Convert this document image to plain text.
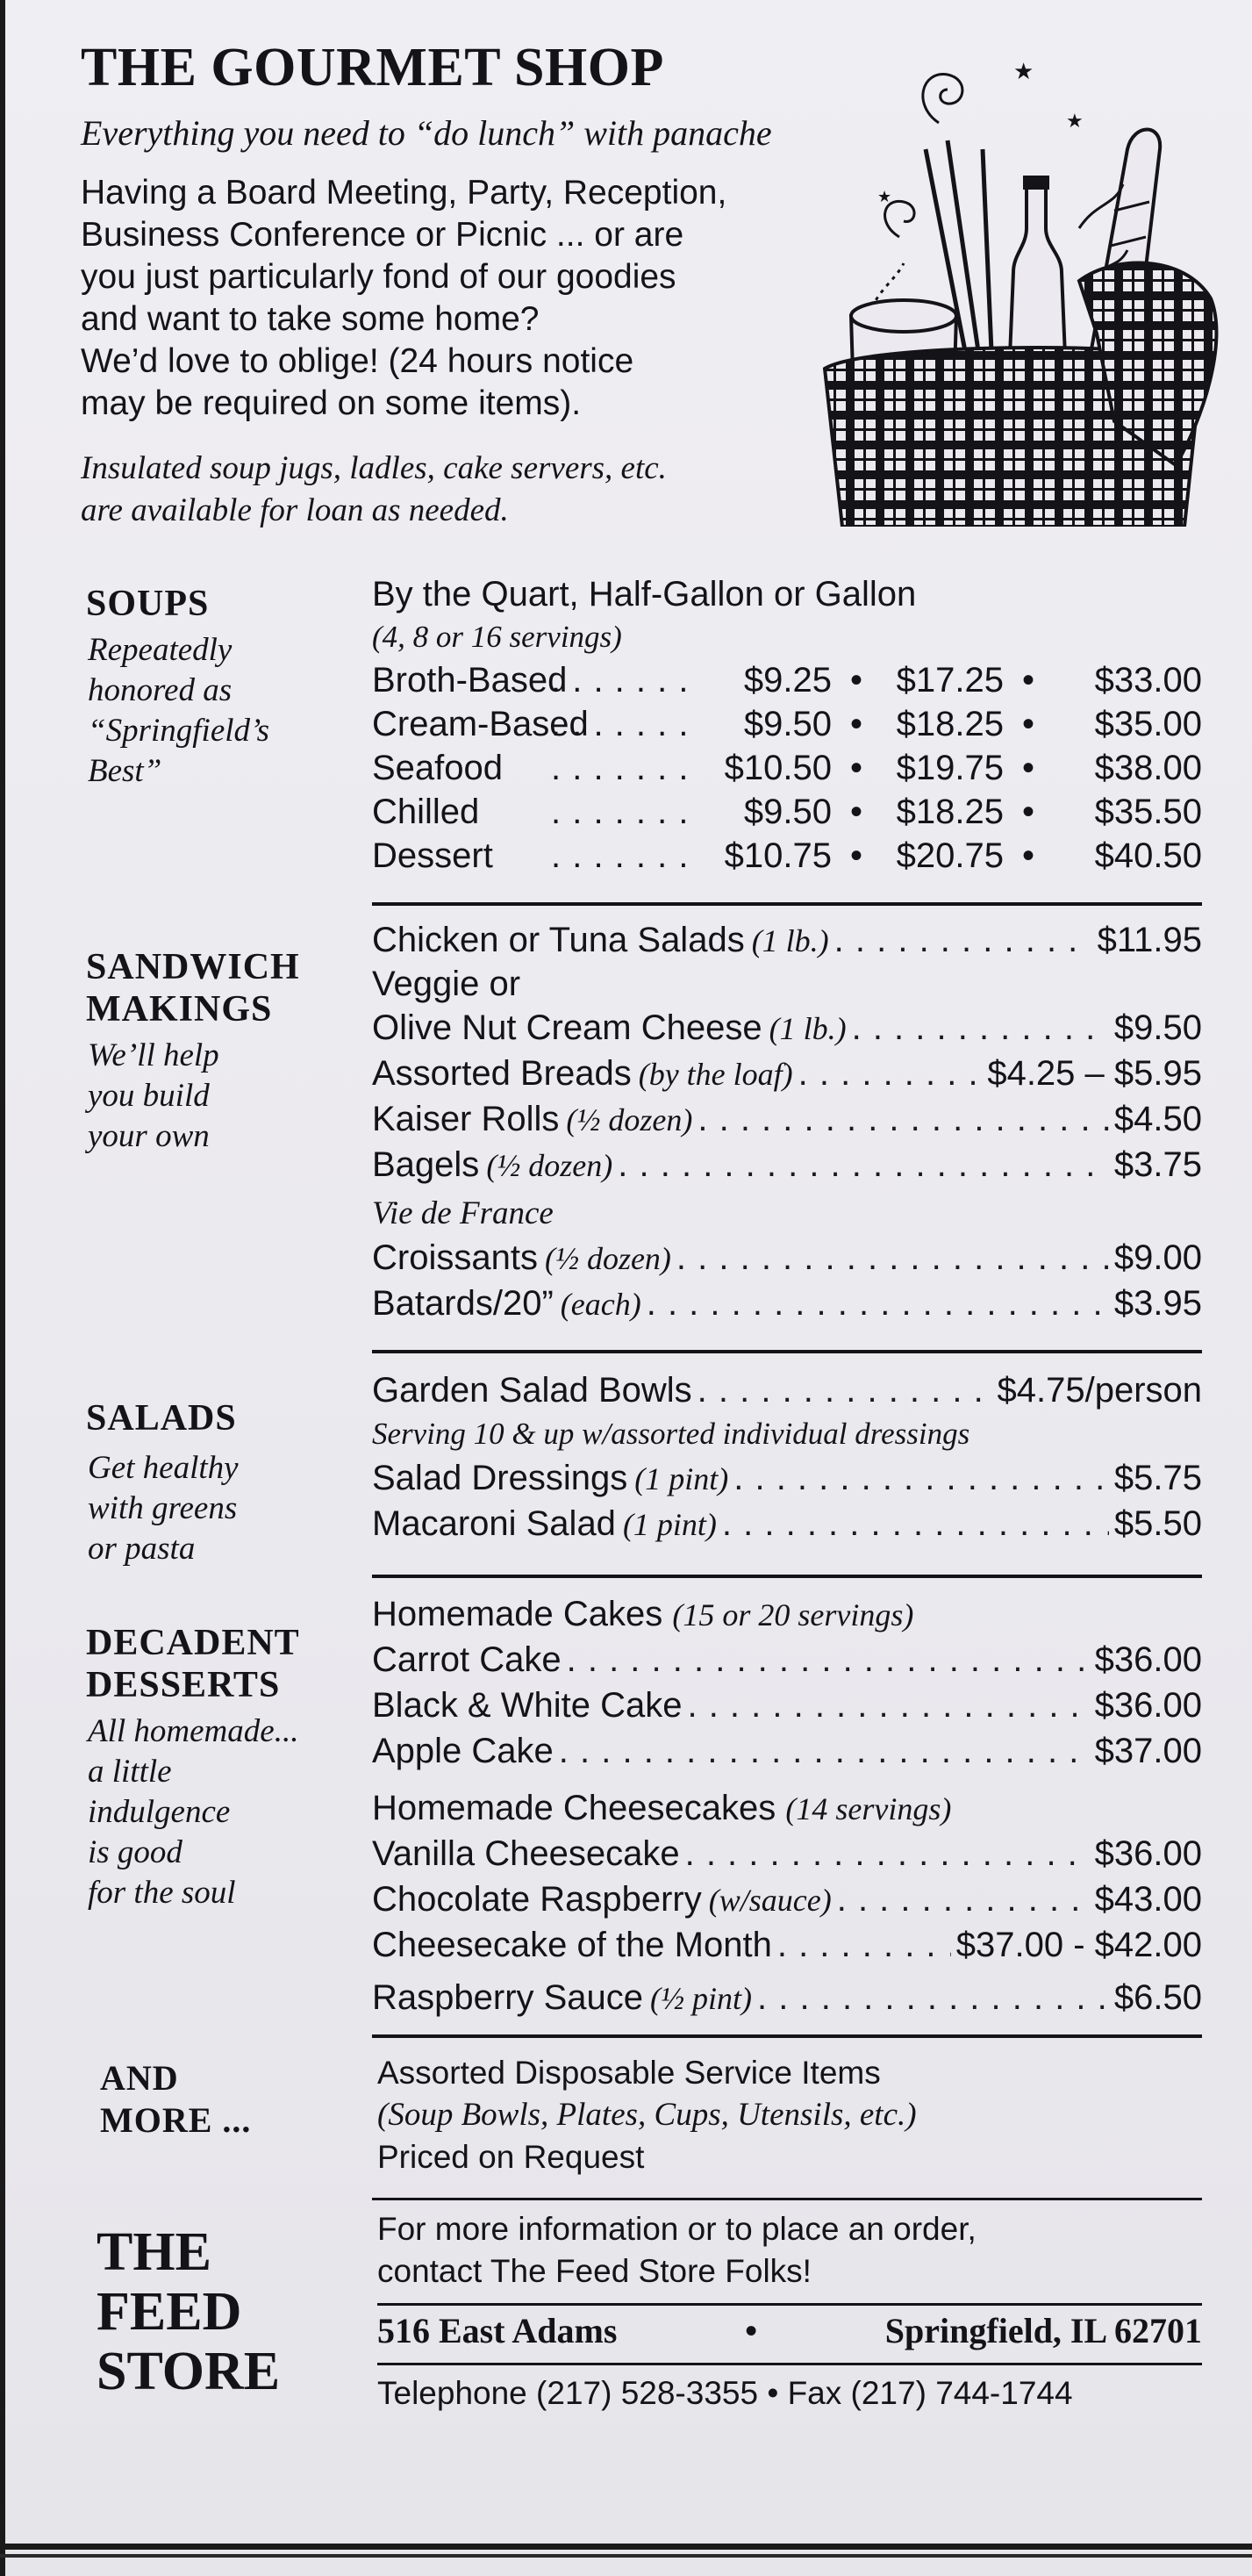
THE GOURMET SHOP
Everything you need to “do lunch” with panache
Having a Board Meeting, Party, Reception,
Business Conference or Picnic ... or are
you just particularly fond of our goodies
and want to take some home?
We’d love to oblige! (24 hours notice
may be required on some items).
Insulated soup jugs, ladles, cake servers, etc.
are available for loan as needed.
★
★
★
SOUPS
Repeatedly
honored as
“Springfield’s
Best”
By the Quart, Half-Gallon or Gallon
(4, 8 or 16 servings)
Broth-Based . . .	$9.25 • $17.25 •	$33.00
Cream-Based . . .	$9.50 • $18.25 •	$35.00
Seafood . . .	$10.50 • $19.75 •	$38.00
Chilled . . .	$9.50 • $18.25 •	$35.50
Dessert . . .	$10.75 • $20.75 •	$40.50
SANDWICH
MAKINGS
We’ll help
you build
your own
Chicken or Tuna Salads (1 lb.) . . .	$11.95
Veggie or
Olive Nut Cream Cheese (1 lb.) . . .	$9.50
Assorted Breads (by the loaf) . . .	$4.25 – $5.95
Kaiser Rolls (½ dozen) . . .	$4.50
Bagels (½ dozen) . . .	$3.75
Vie de France
Croissants (½ dozen) . . .	$9.00
Batards/20” (each) . . .	$3.95
SALADS
Get healthy
with greens
or pasta
Garden Salad Bowls . . .	$4.75/person
Serving 10 & up w/assorted individual dressings
Salad Dressings (1 pint) . . .	$5.75
Macaroni Salad (1 pint) . . .	$5.50
DECADENT
DESSERTS
All homemade...
a little
indulgence
is good
for the soul
Homemade Cakes (15 or 20 servings)
Carrot Cake . . .	$36.00
Black & White Cake . . .	$36.00
Apple Cake . . .	$37.00
Homemade Cheesecakes (14 servings)
Vanilla Cheesecake . . .	$36.00
Chocolate Raspberry (w/sauce) . . .	$43.00
Cheesecake of the Month . . .	$37.00 - $42.00
Raspberry Sauce (½ pint) . . .	$6.50
AND
MORE ...
Assorted Disposable Service Items
(Soup Bowls, Plates, Cups, Utensils, etc.)
Priced on Request
THE
FEED
STORE
For more information or to place an order,
contact The Feed Store Folks!
516 East Adams	•	Springfield, IL 62701
Telephone (217) 528-3355 • Fax (217) 744-1744
